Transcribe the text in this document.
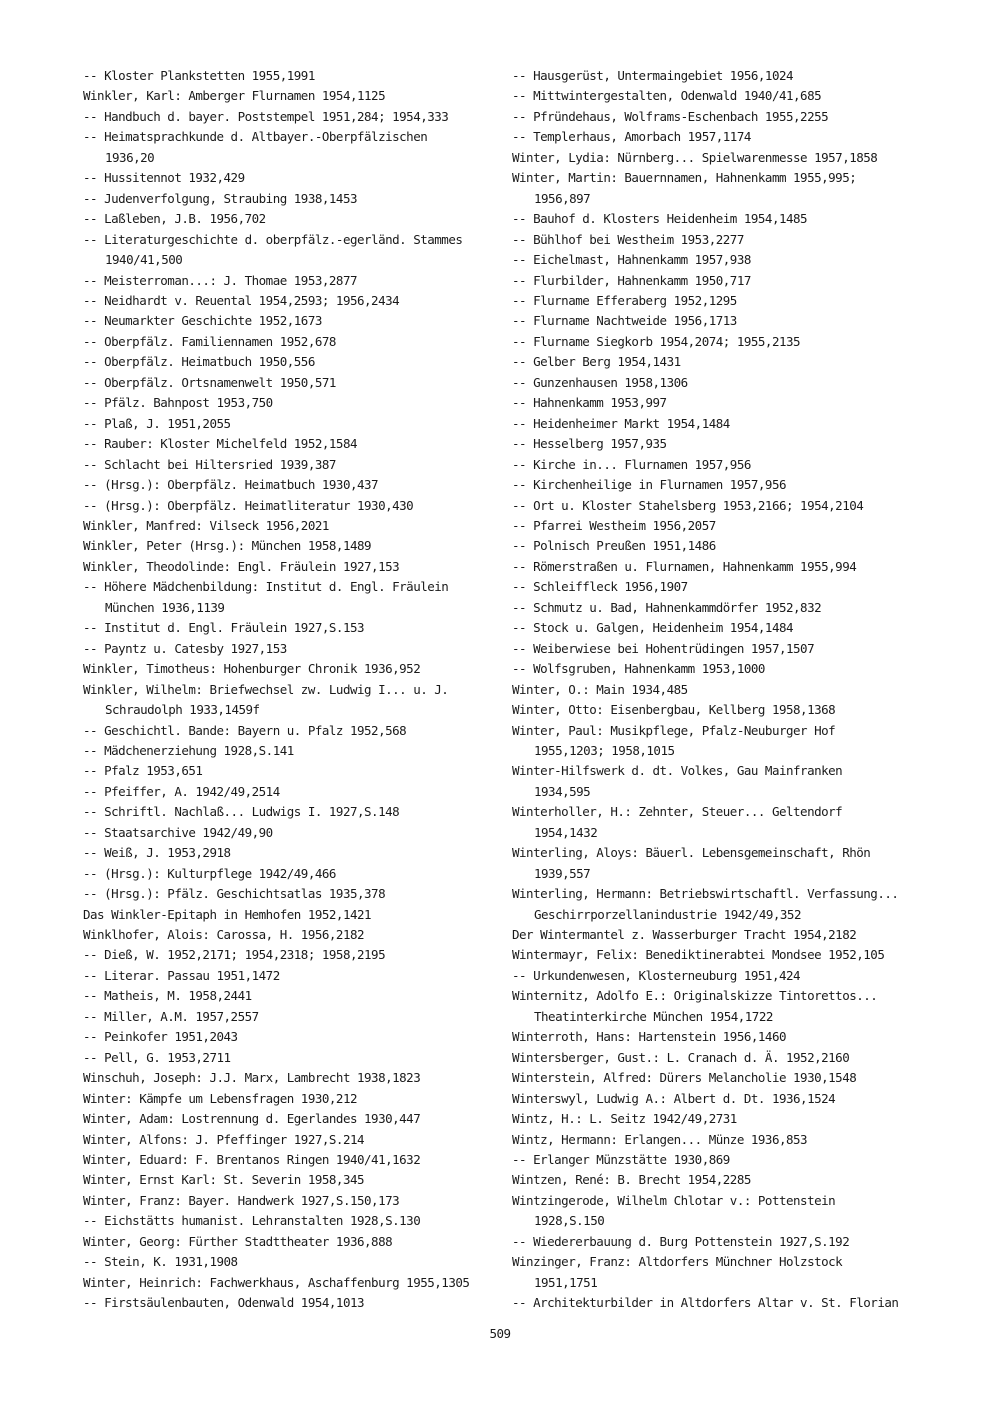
-- Kloster Plankstetten 1955,1991
Winkler, Karl: Amberger Flurnamen 1954,1125
-- Handbuch d. bayer. Poststempel 1951,284; 1954,333
-- Heimatsprachkunde d. Altbayer.-Oberpfälzischen
1936,20
-- Hussitennot 1932,429
-- Judenverfolgung, Straubing 1938,1453
-- Laßleben, J.B. 1956,702
-- Literaturgeschichte d. oberpfälz.-egerländ. Stammes
1940/41,500
-- Meisterroman...: J. Thomae 1953,2877
-- Neidhardt v. Reuental 1954,2593; 1956,2434
-- Neumarkter Geschichte 1952,1673
-- Oberpfälz. Familiennamen 1952,678
-- Oberpfälz. Heimatbuch 1950,556
-- Oberpfälz. Ortsnamenwelt 1950,571
-- Pfälz. Bahnpost 1953,750
-- Plaß, J. 1951,2055
-- Rauber: Kloster Michelfeld 1952,1584
-- Schlacht bei Hiltersried 1939,387
-- (Hrsg.): Oberpfälz. Heimatbuch 1930,437
-- (Hrsg.): Oberpfälz. Heimatliteratur 1930,430
Winkler, Manfred: Vilseck 1956,2021
Winkler, Peter (Hrsg.): München 1958,1489
Winkler, Theodolinde: Engl. Fräulein 1927,153
-- Höhere Mädchenbildung: Institut d. Engl. Fräulein
München 1936,1139
-- Institut d. Engl. Fräulein 1927,S.153
-- Payntz u. Catesby 1927,153
Winkler, Timotheus: Hohenburger Chronik 1936,952
Winkler, Wilhelm: Briefwechsel zw. Ludwig I... u. J.
Schraudolph 1933,1459f
-- Geschichtl. Bande: Bayern u. Pfalz 1952,568
-- Mädchenerziehung 1928,S.141
-- Pfalz 1953,651
-- Pfeiffer, A. 1942/49,2514
-- Schriftl. Nachlaß... Ludwigs I. 1927,S.148
-- Staatsarchive 1942/49,90
-- Weiß, J. 1953,2918
-- (Hrsg.): Kulturpflege 1942/49,466
-- (Hrsg.): Pfälz. Geschichtsatlas 1935,378
Das Winkler-Epitaph in Hemhofen 1952,1421
Winklhofer, Alois: Carossa, H. 1956,2182
-- Dieß, W. 1952,2171; 1954,2318; 1958,2195
-- Literar. Passau 1951,1472
-- Matheis, M. 1958,2441
-- Miller, A.M. 1957,2557
-- Peinkofer 1951,2043
-- Pell, G. 1953,2711
Winschuh, Joseph: J.J. Marx, Lambrecht 1938,1823
Winter: Kämpfe um Lebensfragen 1930,212
Winter, Adam: Lostrennung d. Egerlandes 1930,447
Winter, Alfons: J. Pfeffinger 1927,S.214
Winter, Eduard: F. Brentanos Ringen 1940/41,1632
Winter, Ernst Karl: St. Severin 1958,345
Winter, Franz: Bayer. Handwerk 1927,S.150,173
-- Eichstätts humanist. Lehranstalten 1928,S.130
Winter, Georg: Fürther Stadttheater 1936,888
-- Stein, K. 1931,1908
Winter, Heinrich: Fachwerkhaus, Aschaffenburg 1955,1305
-- Firstsäulenbauten, Odenwald 1954,1013
-- Hausgerüst, Untermaingebiet 1956,1024
-- Mittwintergestalten, Odenwald 1940/41,685
-- Pfründehaus, Wolframs-Eschenbach 1955,2255
-- Templerhaus, Amorbach 1957,1174
Winter, Lydia: Nürnberg... Spielwarenmesse 1957,1858
Winter, Martin: Bauernnamen, Hahnenkamm 1955,995;
1956,897
-- Bauhof d. Klosters Heidenheim 1954,1485
-- Bühlhof bei Westheim 1953,2277
-- Eichelmast, Hahnenkamm 1957,938
-- Flurbilder, Hahnenkamm 1950,717
-- Flurname Efferaberg 1952,1295
-- Flurname Nachtweide 1956,1713
-- Flurname Siegkorb 1954,2074; 1955,2135
-- Gelber Berg 1954,1431
-- Gunzenhausen 1958,1306
-- Hahnenkamm 1953,997
-- Heidenheimer Markt 1954,1484
-- Hesselberg 1957,935
-- Kirche in... Flurnamen 1957,956
-- Kirchenheilige in Flurnamen 1957,956
-- Ort u. Kloster Stahelsberg 1953,2166; 1954,2104
-- Pfarrei Westheim 1956,2057
-- Polnisch Preußen 1951,1486
-- Römerstraßen u. Flurnamen, Hahnenkamm 1955,994
-- Schleiffleck 1956,1907
-- Schmutz u. Bad, Hahnenkammdörfer 1952,832
-- Stock u. Galgen, Heidenheim 1954,1484
-- Weiberwiese bei Hohentrüdingen 1957,1507
-- Wolfsgruben, Hahnenkamm 1953,1000
Winter, O.: Main 1934,485
Winter, Otto: Eisenbergbau, Kellberg 1958,1368
Winter, Paul: Musikpflege, Pfalz-Neuburger Hof
1955,1203; 1958,1015
Winter-Hilfswerk d. dt. Volkes, Gau Mainfranken
1934,595
Winterholler, H.: Zehnter, Steuer... Geltendorf
1954,1432
Winterling, Aloys: Bäuerl. Lebensgemeinschaft, Rhön
1939,557
Winterling, Hermann: Betriebswirtschaftl. Verfassung...
Geschirrporzellanindustrie 1942/49,352
Der Wintermantel z. Wasserburger Tracht 1954,2182
Wintermayr, Felix: Benediktinerabtei Mondsee 1952,105
-- Urkundenwesen, Klosterneuburg 1951,424
Winternitz, Adolfo E.: Originalskizze Tintorettos...
Theatinterkirche München 1954,1722
Winterroth, Hans: Hartenstein 1956,1460
Wintersberger, Gust.: L. Cranach d. Ä. 1952,2160
Winterstein, Alfred: Dürers Melancholie 1930,1548
Winterswyl, Ludwig A.: Albert d. Dt. 1936,1524
Wintz, H.: L. Seitz 1942/49,2731
Wintz, Hermann: Erlangen... Münze 1936,853
-- Erlanger Münzstätte 1930,869
Wintzen, René: B. Brecht 1954,2285
Wintzingerode, Wilhelm Chlotar v.: Pottenstein
1928,S.150
-- Wiedererbauung d. Burg Pottenstein 1927,S.192
Winzinger, Franz: Altdorfers Münchner Holzstock
1951,1751
-- Architekturbilder in Altdorfers Altar v. St. Florian
509
